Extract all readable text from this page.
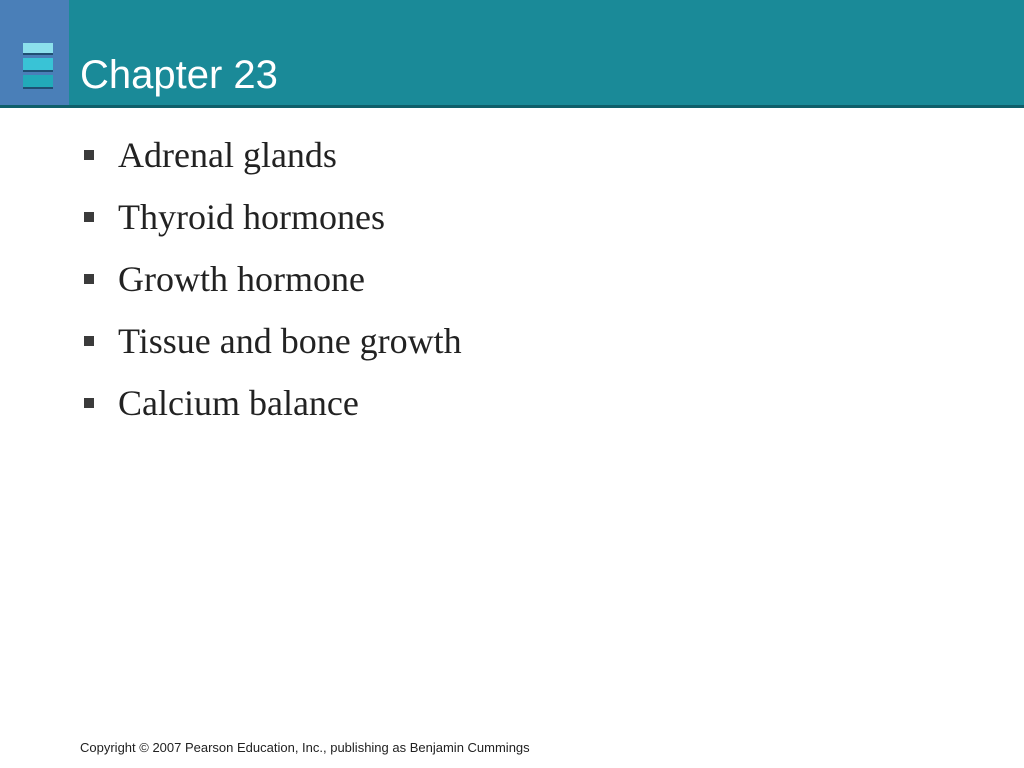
Chapter 23
Adrenal glands
Thyroid hormones
Growth hormone
Tissue and bone growth
Calcium balance
Copyright © 2007 Pearson Education, Inc., publishing as Benjamin Cummings
